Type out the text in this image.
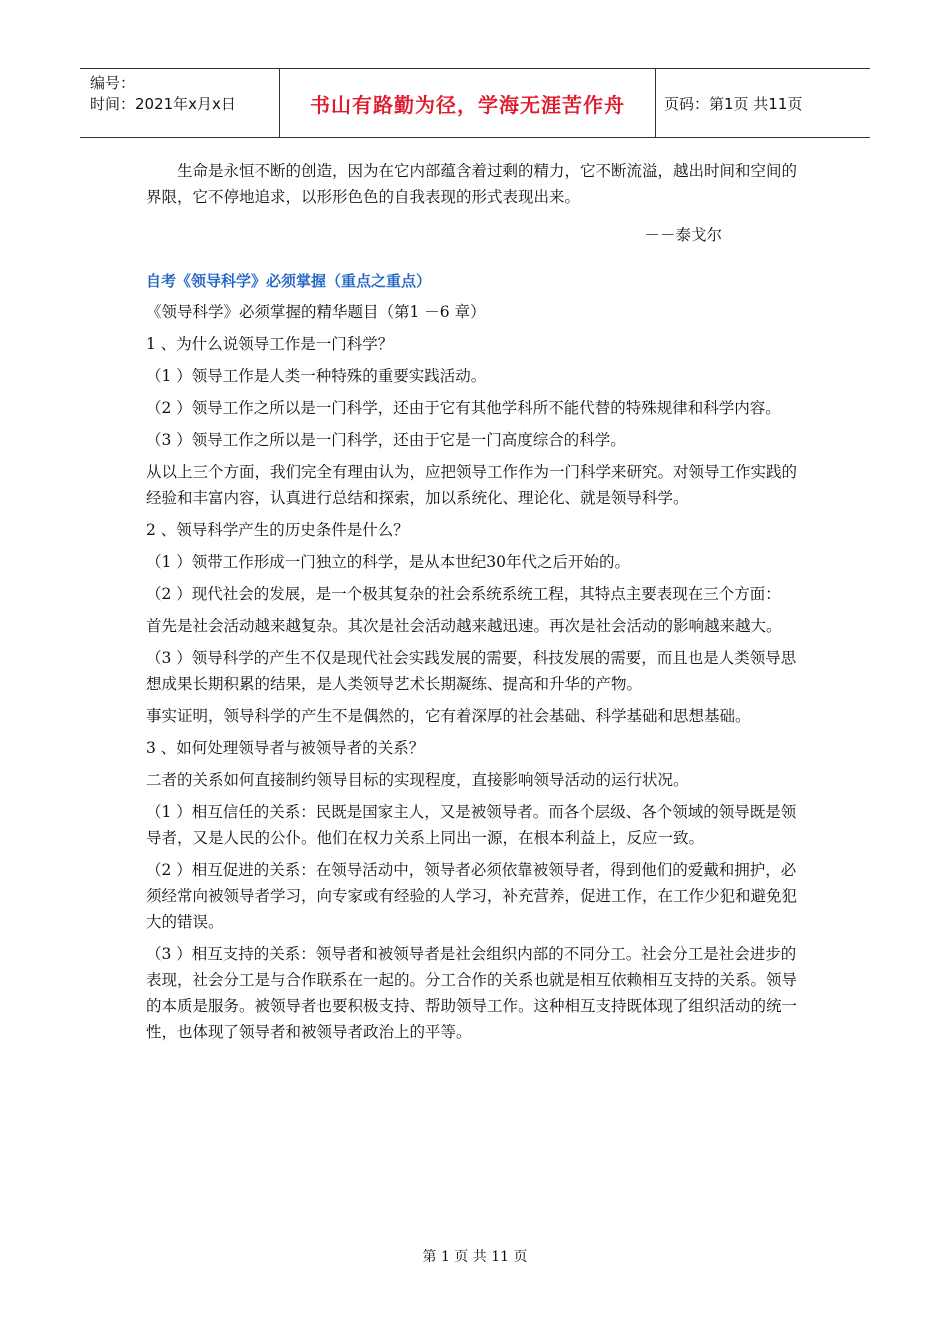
编号：
时间：2021年x月x日	书山有路勤为径，学海无涯苦作舟	页码：第1页 共11页

生命是永恒不断的创造，因为在它内部蕴含着过剩的精力，它不断流溢，越出时间和空间的界限，它不停地追求，以形形色色的自我表现的形式表现出来。

－－泰戈尔

自考《领导科学》必须掌握（重点之重点）

《领导科学》必须掌握的精华题目（第1 －6 章）

1 、为什么说领导工作是一门科学？

（1 ）领导工作是人类一种特殊的重要实践活动。

（2 ）领导工作之所以是一门科学，还由于它有其他学科所不能代替的特殊规律和科学内容。

（3 ）领导工作之所以是一门科学，还由于它是一门高度综合的科学。

从以上三个方面，我们完全有理由认为，应把领导工作作为一门科学来研究。对领导工作实践的经验和丰富内容，认真进行总结和探索，加以系统化、理论化、就是领导科学。

2 、领导科学产生的历史条件是什么？

（1 ）领带工作形成一门独立的科学，是从本世纪30年代之后开始的。

（2 ）现代社会的发展，是一个极其复杂的社会系统系统工程，其特点主要表现在三个方面：

首先是社会活动越来越复杂。其次是社会活动越来越迅速。再次是社会活动的影响越来越大。

（3 ）领导科学的产生不仅是现代社会实践发展的需要，科技发展的需要，而且也是人类领导思想成果长期积累的结果，是人类领导艺术长期凝练、提高和升华的产物。

事实证明，领导科学的产生不是偶然的，它有着深厚的社会基础、科学基础和思想基础。

3 、如何处理领导者与被领导者的关系？

二者的关系如何直接制约领导目标的实现程度，直接影响领导活动的运行状况。

（1 ）相互信任的关系：民既是国家主人，又是被领导者。而各个层级、各个领域的领导既是领导者，又是人民的公仆。他们在权力关系上同出一源，在根本利益上，反应一致。

（2 ）相互促进的关系：在领导活动中，领导者必须依靠被领导者，得到他们的爱戴和拥护，必须经常向被领导者学习，向专家或有经验的人学习，补充营养，促进工作，在工作少犯和避免犯大的错误。

（3 ）相互支持的关系：领导者和被领导者是社会组织内部的不同分工。社会分工是社会进步的表现，社会分工是与合作联系在一起的。分工合作的关系也就是相互依赖相互支持的关系。领导的本质是服务。被领导者也要积极支持、帮助领导工作。这种相互支持既体现了组织活动的统一性，也体现了领导者和被领导者政治上的平等。

第 1 页 共 11 页
